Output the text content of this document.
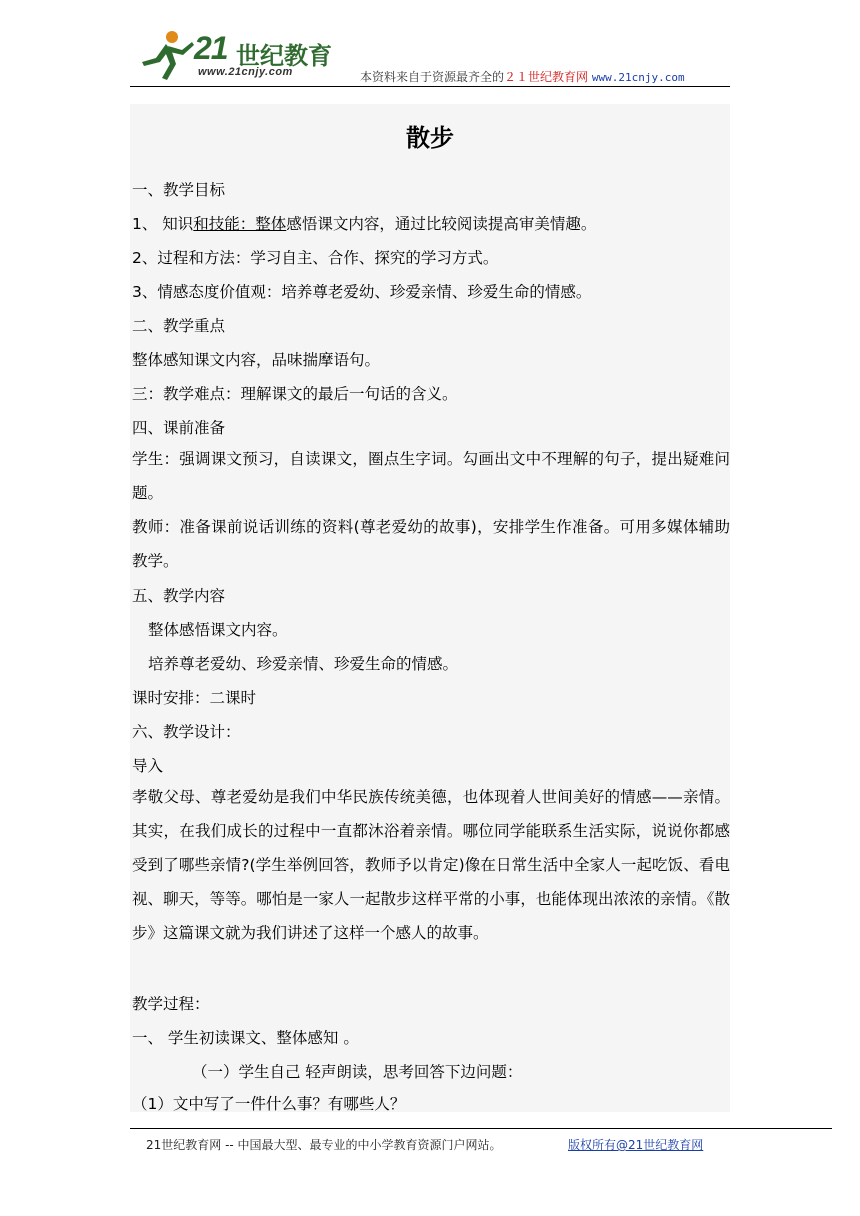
21 世纪教育
www.21cnjy.com	本资料来自于资源最齐全的２１世纪教育网 www.21cnjy.com
散步
一、教学目标
1、 知识和技能：整体感悟课文内容，通过比较阅读提高审美情趣。
2、过程和方法：学习自主、合作、探究的学习方式。
3、情感态度价值观：培养尊老爱幼、珍爱亲情、珍爱生命的情感。
二、教学重点
整体感知课文内容，品味揣摩语句。
三：教学难点：理解课文的最后一句话的含义。
四、课前准备
学生：强调课文预习，自读课文，圈点生字词。勾画出文中不理解的句子，提出疑难问题。
教师：准备课前说话训练的资料(尊老爱幼的故事)，安排学生作准备。可用多媒体辅助教学。
五、教学内容
整体感悟课文内容。
培养尊老爱幼、珍爱亲情、珍爱生命的情感。
课时安排：二课时
六、教学设计：
导入
孝敬父母、尊老爱幼是我们中华民族传统美德，也体现着人世间美好的情感——亲情。其实，在我们成长的过程中一直都沐浴着亲情。哪位同学能联系生活实际，说说你都感受到了哪些亲情?(学生举例回答，教师予以肯定)像在日常生活中全家人一起吃饭、看电视、聊天，等等。哪怕是一家人一起散步这样平常的小事，也能体现出浓浓的亲情。《散步》这篇课文就为我们讲述了这样一个感人的故事。
教学过程：
一、 学生初读课文、整体感知 。
（一）学生自己 轻声朗读，思考回答下边问题：
（1）文中写了一件什么事？有哪些人？
21世纪教育网 -- 中国最大型、最专业的中小学教育资源门户网站。	版权所有@21世纪教育网
